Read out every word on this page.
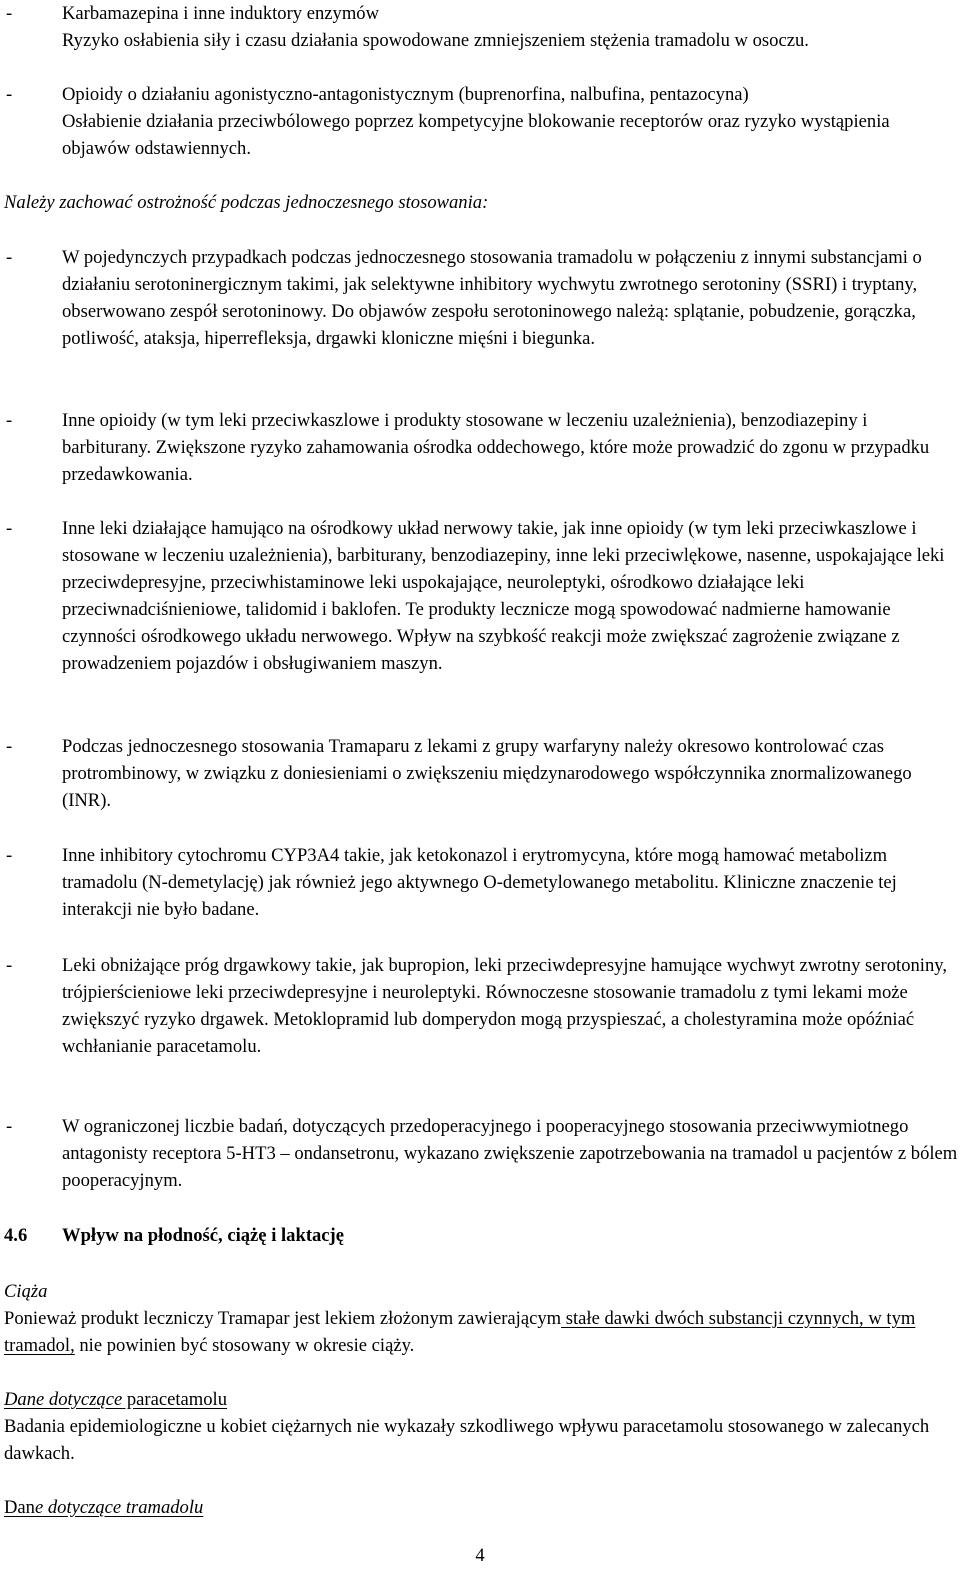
-	Karbamazepina i inne induktory enzymów

Ryzyko osłabienia siły i czasu działania spowodowane zmniejszeniem stężenia tramadolu w osoczu.

-	Opioidy o działaniu agonistyczno-antagonistycznym (buprenorfina, nalbufina, pentazocyna)

Osłabienie działania przeciwbólowego poprzez kompetycyjne blokowanie receptorów oraz ryzyko wystąpienia objawów odstawiennych.

Należy zachować ostrożność podczas jednoczesnego stosowania:

-	W pojedynczych przypadkach podczas jednoczesnego stosowania tramadolu w połączeniu z innymi substancjami o działaniu serotoninergicznym takimi, jak selektywne inhibitory wychwytu zwrotnego serotoniny (SSRI) i tryptany, obserwowano zespół serotoninowy. Do objawów zespołu serotoninowego należą: splątanie, pobudzenie, gorączka, potliwość, ataksja, hiperrefleksja, drgawki kloniczne mięśni i biegunka.

-	Inne opioidy (w tym leki przeciwkaszlowe i produkty stosowane w leczeniu uzależnienia), benzodiazepiny i barbiturany. Zwiększone ryzyko zahamowania ośrodka oddechowego, które może prowadzić do zgonu w przypadku przedawkowania.

-	Inne leki działające hamująco na ośrodkowy układ nerwowy takie, jak inne opioidy (w tym leki przeciwkaszlowe i stosowane w leczeniu uzależnienia), barbiturany, benzodiazepiny, inne leki przeciwlękowe, nasenne, uspokajające leki przeciwdepresyjne, przeciwhistaminowe leki uspokajające, neuroleptyki, ośrodkowo działające leki przeciwnadciśnieniowe, talidomid i baklofen. Te produkty lecznicze mogą spowodować nadmierne hamowanie czynności ośrodkowego układu nerwowego. Wpływ na szybkość reakcji może zwiększać zagrożenie związane z prowadzeniem pojazdów i obsługiwaniem maszyn.

-	Podczas jednoczesnego stosowania Tramaparu z lekami z grupy warfaryny należy okresowo kontrolować czas protrombinowy, w związku z doniesieniami o zwiększeniu międzynarodowego współczynnika znormalizowanego (INR).

-	Inne inhibitory cytochromu CYP3A4 takie, jak ketokonazol i erytromycyna, które mogą hamować metabolizm tramadolu (N-demetylację) jak również jego aktywnego O-demetylowanego metabolitu. Kliniczne znaczenie tej interakcji nie było badane.

-	Leki obniżające próg drgawkowy takie, jak bupropion, leki przeciwdepresyjne hamujące wychwyt zwrotny serotoniny, trójpierścieniowe leki przeciwdepresyjne i neuroleptyki. Równoczesne stosowanie tramadolu z tymi lekami może zwiększyć ryzyko drgawek. Metoklopramid lub domperydon mogą przyspieszać, a cholestyramina może opóźniać wchłanianie paracetamolu.

-	W ograniczonej liczbie badań, dotyczących przedoperacyjnego i pooperacyjnego stosowania przeciwwymiotnego antagonisty receptora 5-HT3 – ondansetronu, wykazano zwiększenie zapotrzebowania na tramadol u pacjentów z bólem pooperacyjnym.

4.6	Wpływ na płodność, ciążę i laktację

Ciąża

Ponieważ produkt leczniczy Tramapar jest lekiem złożonym zawierającym stałe dawki dwóch substancji czynnych, w tym tramadol, nie powinien być stosowany w okresie ciąży.

Dane dotyczące paracetamolu

Badania epidemiologiczne u kobiet ciężarnych nie wykazały szkodliwego wpływu paracetamolu stosowanego w zalecanych dawkach.

Dane dotyczące tramadolu

4
